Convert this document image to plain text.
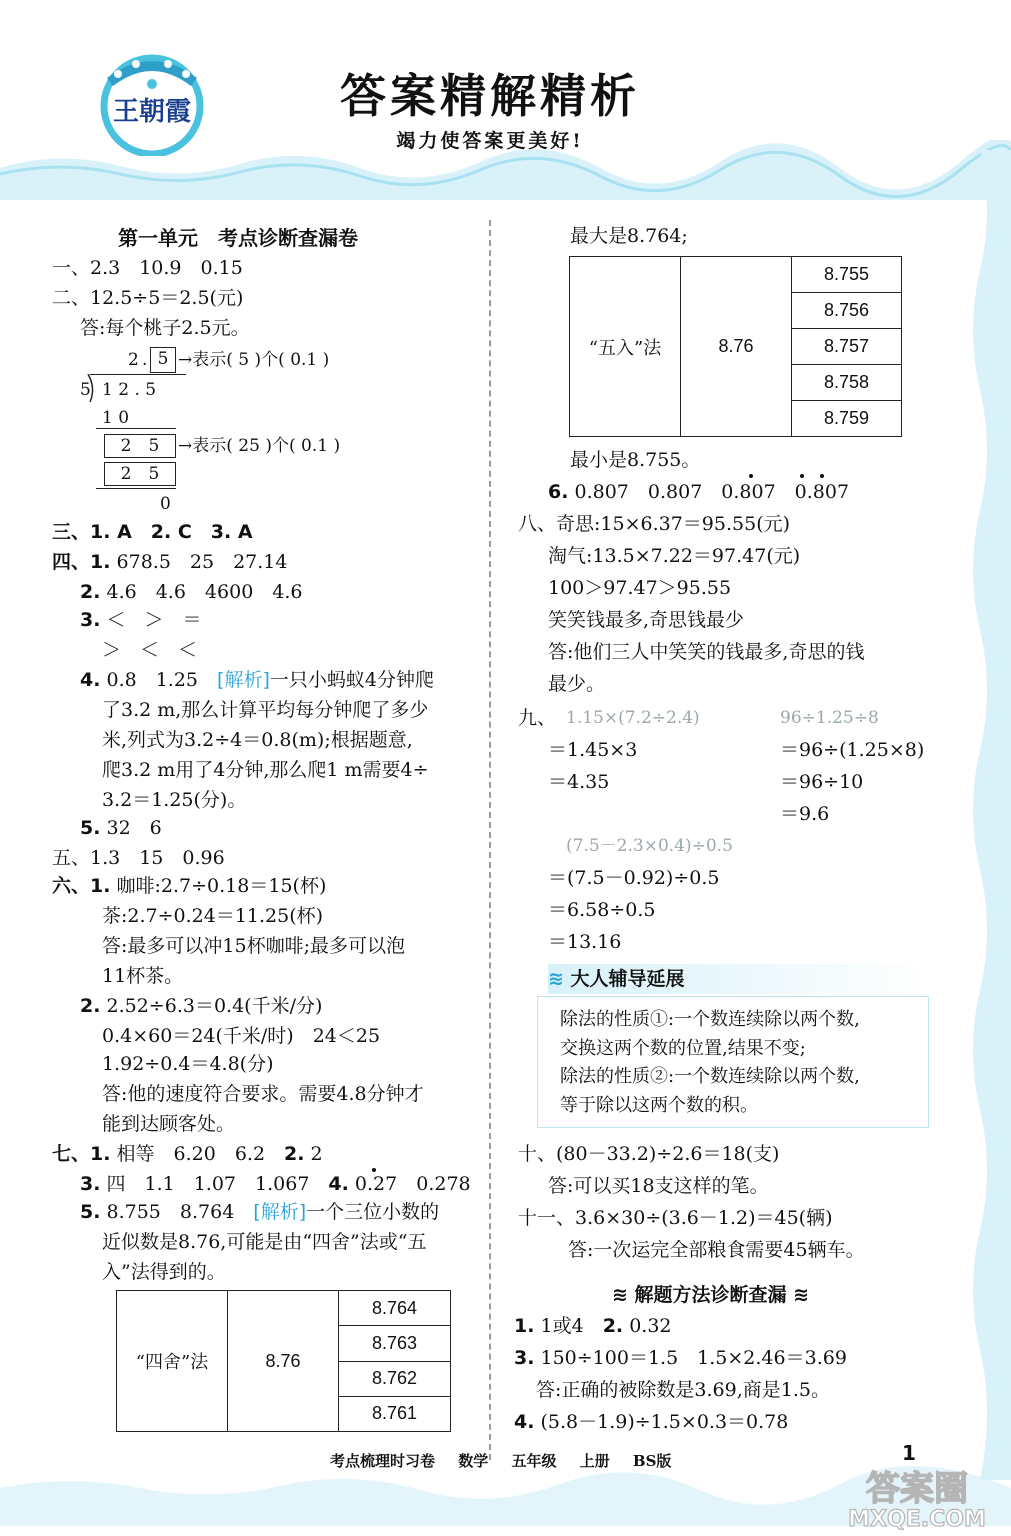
王朝霞	答案精解精析
竭力使答案更美好!
第一单元　考点诊断查漏卷
一、2.3　10.9　0.15
二、12.5÷5＝2.5(元)
答:每个桃子2.5元。
2 . 5 →表示( 5 )个( 0.1 )
5 1 2 . 5
1 0
2　5	→表示( 25 )个( 0.1 )
2　5
0
三、1. A　2. C　3. A
四、1. 678.5　25　27.14
2. 4.6　4.6　4600　4.6
3. ＜　＞　＝
＞　＜　＜
4. 0.8　1.25　[解析]一只小蚂蚁4分钟爬
了3.2 m,那么计算平均每分钟爬了多少
米,列式为3.2÷4＝0.8(m);根据题意,
爬3.2 m用了4分钟,那么爬1 m需要4÷
3.2＝1.25(分)。
5. 32　6
五、1.3　15　0.96
六、1. 咖啡:2.7÷0.18＝15(杯)
茶:2.7÷0.24＝11.25(杯)
答:最多可以冲15杯咖啡;最多可以泡
11杯茶。
2. 2.52÷6.3＝0.4(千米/分)
0.4×60＝24(千米/时)　24＜25
1.92÷0.4＝4.8(分)
答:他的速度符合要求。需要4.8分钟才
能到达顾客处。
七、1. 相等　6.20　6.2　2. 2
3. 四　1.1　1.07　1.067　4. 0.27　0.278
5. 8.755　8.764　[解析]一个三位小数的
近似数是8.76,可能是由“四舍”法或“五
入”法得到的。
“四舍”法	8.76	8.764
8.763
8.762
8.761
最大是8.764;
“五入”法	8.76	8.755
8.756
8.757
8.758
8.759
最小是8.755。
6. 0.807　0.807　0.807　0.807
八、奇思:15×6.37＝95.55(元)
淘气:13.5×7.22＝97.47(元)
100＞97.47＞95.55
笑笑钱最多,奇思钱最少
答:他们三人中笑笑的钱最多,奇思的钱
最少。
九、 1.15×(7.2÷2.4)	96÷1.25÷8
＝1.45×3	＝96÷(1.25×8)
＝4.35	＝96÷10
＝9.6
(7.5－2.3×0.4)÷0.5
＝(7.5－0.92)÷0.5
＝6.58÷0.5
＝13.16
≋ 大人辅导延展
除法的性质①:一个数连续除以两个数,
交换这两个数的位置,结果不变;
除法的性质②:一个数连续除以两个数,
等于除以这两个数的积。
十、(80－33.2)÷2.6＝18(支)
答:可以买18支这样的笔。
十一、3.6×30÷(3.6－1.2)＝45(辆)
答:一次运完全部粮食需要45辆车。
≋ 解题方法诊断查漏 ≋
1. 1或4　2. 0.32
3. 150÷100＝1.5　1.5×2.46＝3.69
答:正确的被除数是3.69,商是1.5。
4. (5.8－1.9)÷1.5×0.3＝0.78
考点梳理时习卷 数学 五年级 上册 BS版	1
答案圈
MXQE.COM
